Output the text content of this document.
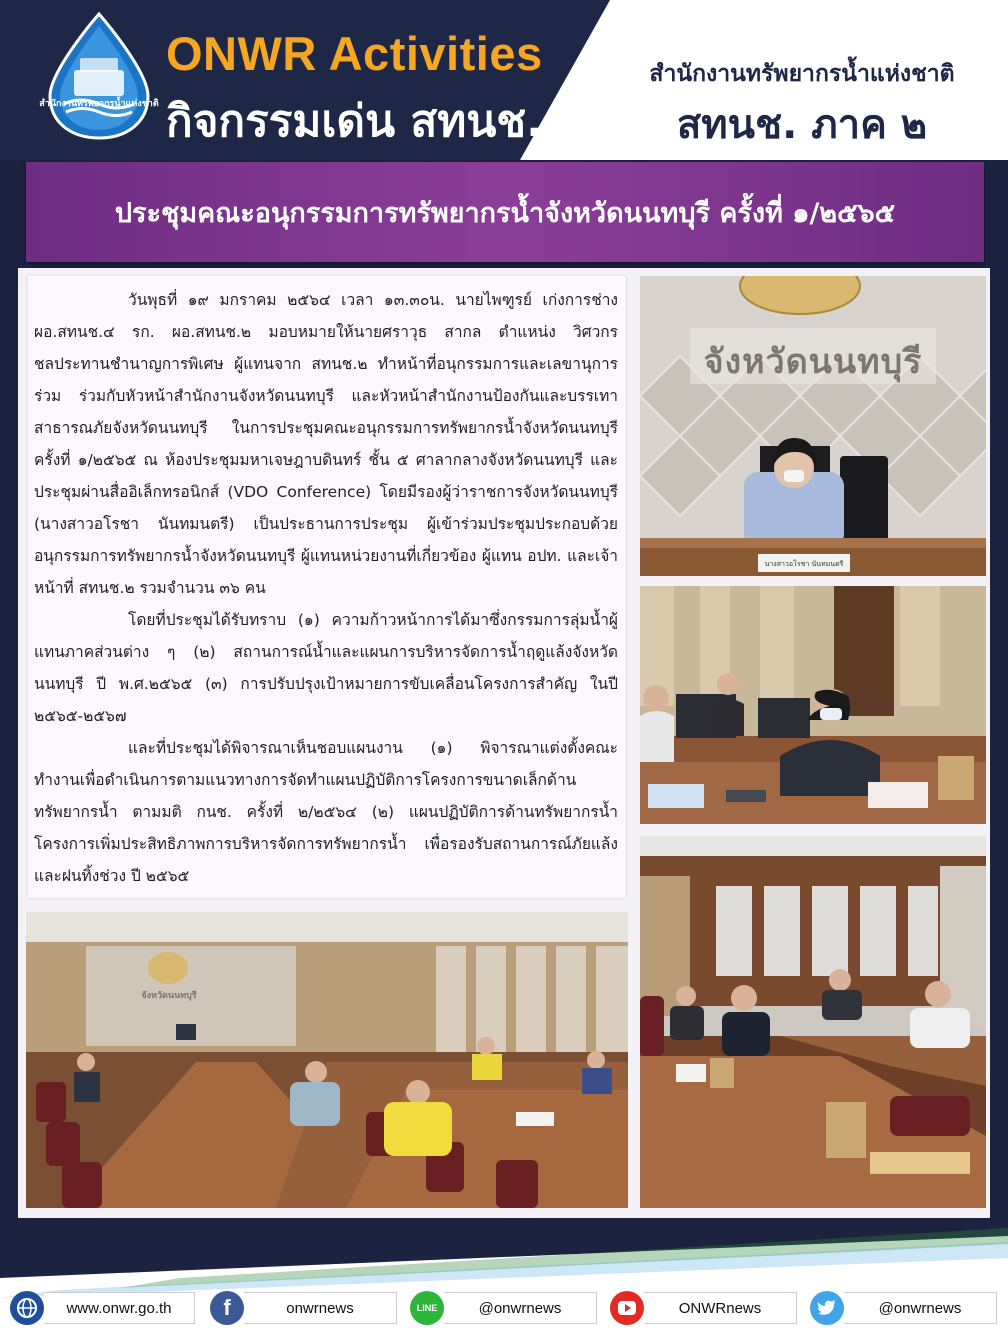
สำนักงานทรัพยากรน้ำแห่งชาติ
ONWR Activities
กิจกรรมเด่น สทนช.
สำนักงานทรัพยากรน้ำแห่งชาติ
สทนช. ภาค ๒
ประชุมคณะอนุกรรมการทรัพยากรน้ำจังหวัดนนทบุรี ครั้งที่ ๑/๒๕๖๕

วันพุธที่ ๑๙ มกราคม ๒๕๖๔ เวลา ๑๓.๓๐น. นายไพฑูรย์ เก่งการช่าง ผอ.สทนช.๔ รก. ผอ.สทนช.๒ มอบหมายให้นายศราวุธ สากล ตำแหน่ง วิศวกรชลประทานชำนาญการพิเศษ ผู้แทนจาก สทนช.๒ ทำหน้าที่อนุกรรมการและเลขานุการร่วม ร่วมกับหัวหน้าสำนักงานจังหวัดนนทบุรี และหัวหน้าสำนักงานป้องกันและบรรเทาสาธารณภัยจังหวัดนนทบุรี ในการประชุมคณะอนุกรรมการทรัพยากรน้ำจังหวัดนนทบุรี ครั้งที่ ๑/๒๕๖๕ ณ ห้องประชุมมหาเจษฎาบดินทร์ ชั้น ๕ ศาลากลางจังหวัดนนทบุรี และประชุมผ่านสื่ออิเล็กทรอนิกส์ (VDO Conference) โดยมีรองผู้ว่าราชการจังหวัดนนทบุรี (นางสาวอโรชา นันทมนตรี) เป็นประธานการประชุม ผู้เข้าร่วมประชุมประกอบด้วย อนุกรรมการทรัพยากรน้ำจังหวัดนนทบุรี ผู้แทนหน่วยงานที่เกี่ยวข้อง ผู้แทน อปท. และเจ้าหน้าที่ สทนช.๒ รวมจำนวน ๓๖ คน

โดยที่ประชุมได้รับทราบ (๑) ความก้าวหน้าการได้มาซึ่งกรรมการลุ่มน้ำผู้แทนภาคส่วนต่าง ๆ (๒) สถานการณ์น้ำและแผนการบริหารจัดการน้ำฤดูแล้งจังหวัดนนทบุรี ปี พ.ศ.๒๕๖๕ (๓) การปรับปรุงเป้าหมายการขับเคลื่อนโครงการสำคัญ ในปี ๒๕๖๕-๒๕๖๗

และที่ประชุมได้พิจารณาเห็นชอบแผนงาน (๑) พิจารณาแต่งตั้งคณะทำงานเพื่อดำเนินการตามแนวทางการจัดทำแผนปฏิบัติการโครงการขนาดเล็กด้านทรัพยากรน้ำ ตามมติ กนช. ครั้งที่ ๒/๒๕๖๔ (๒) แผนปฏิบัติการด้านทรัพยากรน้ำ โครงการเพิ่มประสิทธิภาพการบริหารจัดการทรัพยากรน้ำ เพื่อรองรับสถานการณ์ภัยแล้งและฝนทิ้งช่วง ปี ๒๕๖๕

นางสาวอโรชา นันทมนตรี
จังหวัดนนทบุรี
จังหวัดนนทบุรี
www.onwr.go.th	f	onwrnews	LINE	@onwrnews	ONWRnews	@onwrnews
